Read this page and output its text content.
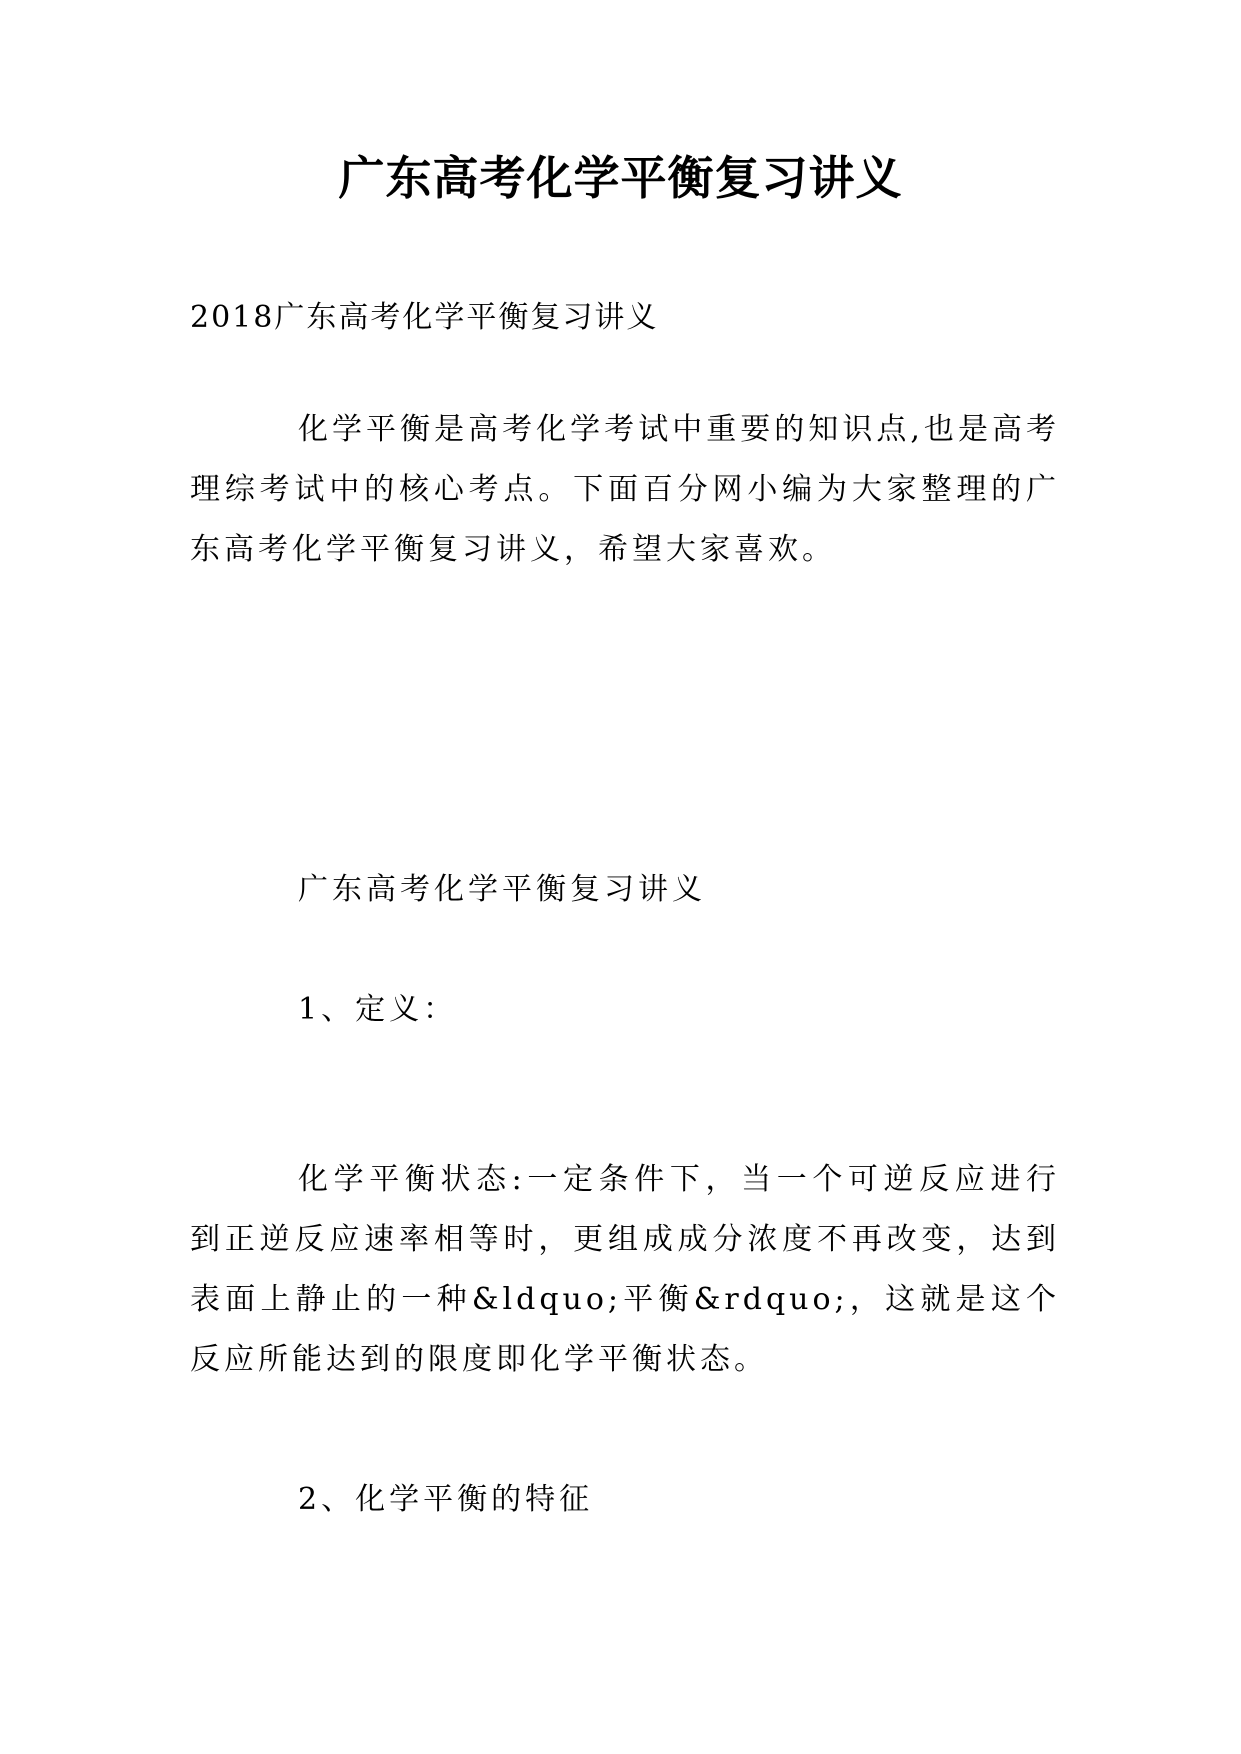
广东高考化学平衡复习讲义

2018广东高考化学平衡复习讲义

化学平衡是高考化学考试中重要的知识点,也是高考理综考试中的核心考点。下面百分网小编为大家整理的广东高考化学平衡复习讲义，希望大家喜欢。

广东高考化学平衡复习讲义

1、定义：

化学平衡状态:一定条件下，当一个可逆反应进行到正逆反应速率相等时，更组成成分浓度不再改变，达到表面上静止的一种&ldquo;平衡&rdquo;，这就是这个反应所能达到的限度即化学平衡状态。

2、化学平衡的特征
